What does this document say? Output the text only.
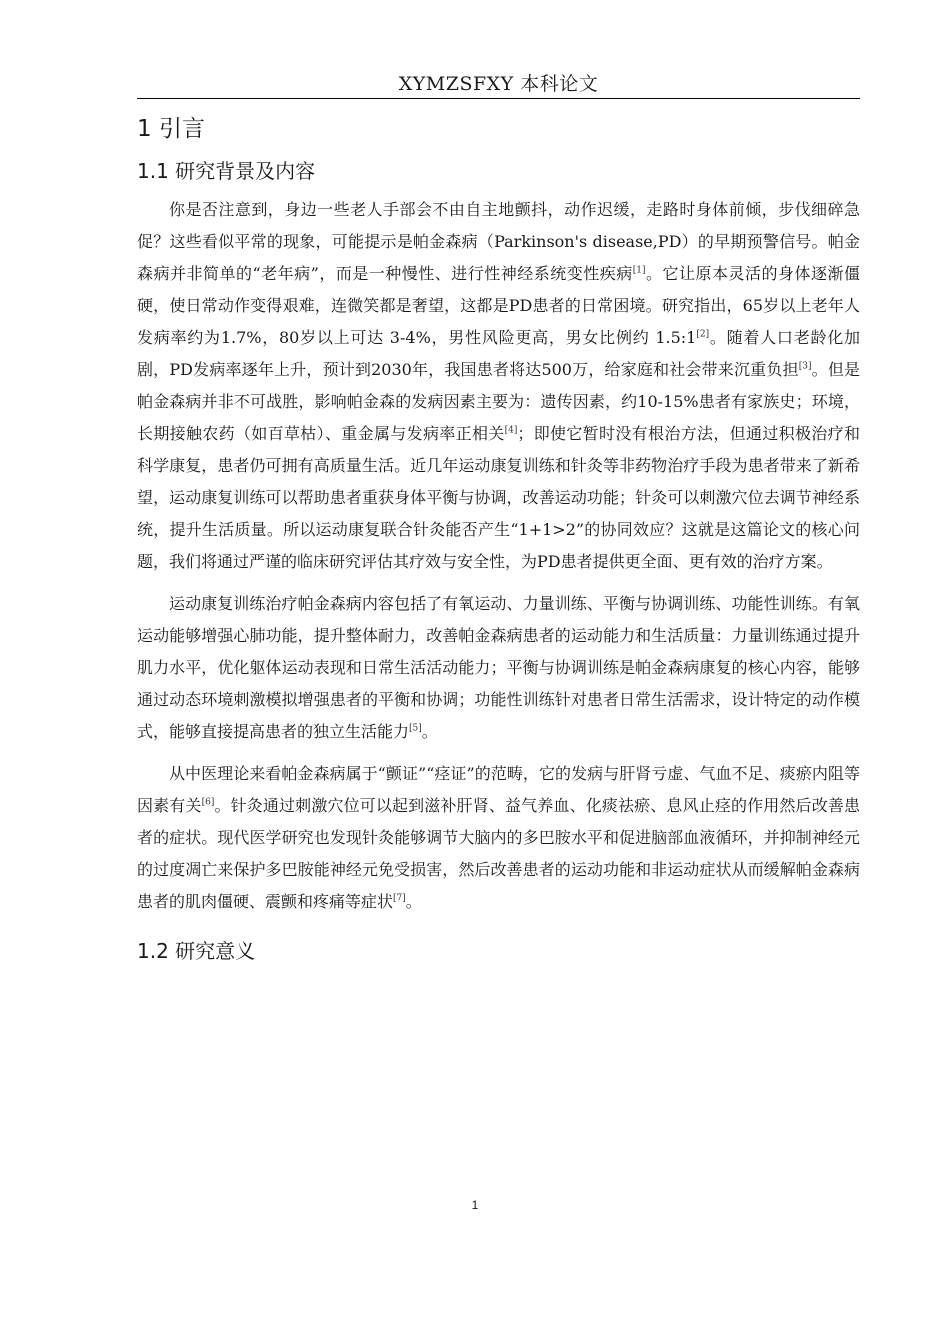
XYMZSFXY 本科论文
1 引言
1.1 研究背景及内容

你是否注意到，身边一些老人手部会不由自主地颤抖，动作迟缓，走路时身体前倾，步伐细碎急促？这些看似平常的现象，可能提示是帕金森病（Parkinson's disease,PD）的早期预警信号。帕金森病并非简单的“老年病”，而是一种慢性、进行性神经系统变性疾病[1]。它让原本灵活的身体逐渐僵硬，使日常动作变得艰难，连微笑都是奢望，这都是PD患者的日常困境。研究指出，65岁以上老年人发病率约为1.7%，80岁以上可达 3-4%，男性风险更高，男女比例约 1.5:1[2]。随着人口老龄化加剧，PD发病率逐年上升，预计到2030年，我国患者将达500万，给家庭和社会带来沉重负担[3]。但是帕金森病并非不可战胜，影响帕金森的发病因素主要为：遗传因素，约10-15%患者有家族史；环境，长期接触农药（如百草枯）、重金属与发病率正相关[4]；即使它暂时没有根治方法，但通过积极治疗和科学康复，患者仍可拥有高质量生活。近几年运动康复训练和针灸等非药物治疗手段为患者带来了新希望，运动康复训练可以帮助患者重获身体平衡与协调，改善运动功能；针灸可以刺激穴位去调节神经系统，提升生活质量。所以运动康复联合针灸能否产生“1+1>2”的协同效应？这就是这篇论文的核心问题，我们将通过严谨的临床研究评估其疗效与安全性，为PD患者提供更全面、更有效的治疗方案。

运动康复训练治疗帕金森病内容包括了有氧运动、力量训练、平衡与协调训练、功能性训练。有氧运动能够增强心肺功能，提升整体耐力，改善帕金森病患者的运动能力和生活质量：力量训练通过提升肌力水平，优化躯体运动表现和日常生活活动能力；平衡与协调训练是帕金森病康复的核心内容，能够通过动态环境刺激模拟增强患者的平衡和协调；功能性训练针对患者日常生活需求，设计特定的动作模式，能够直接提高患者的独立生活能力[5]。

从中医理论来看帕金森病属于“颤证”“痉证”的范畴，它的发病与肝肾亏虚、气血不足、痰瘀内阻等因素有关[6]。针灸通过刺激穴位可以起到滋补肝肾、益气养血、化痰祛瘀、息风止痉的作用然后改善患者的症状。现代医学研究也发现针灸能够调节大脑内的多巴胺水平和促进脑部血液循环，并抑制神经元的过度凋亡来保护多巴胺能神经元免受损害，然后改善患者的运动功能和非运动症状从而缓解帕金森病患者的肌肉僵硬、震颤和疼痛等症状[7]。

1.2 研究意义
1
